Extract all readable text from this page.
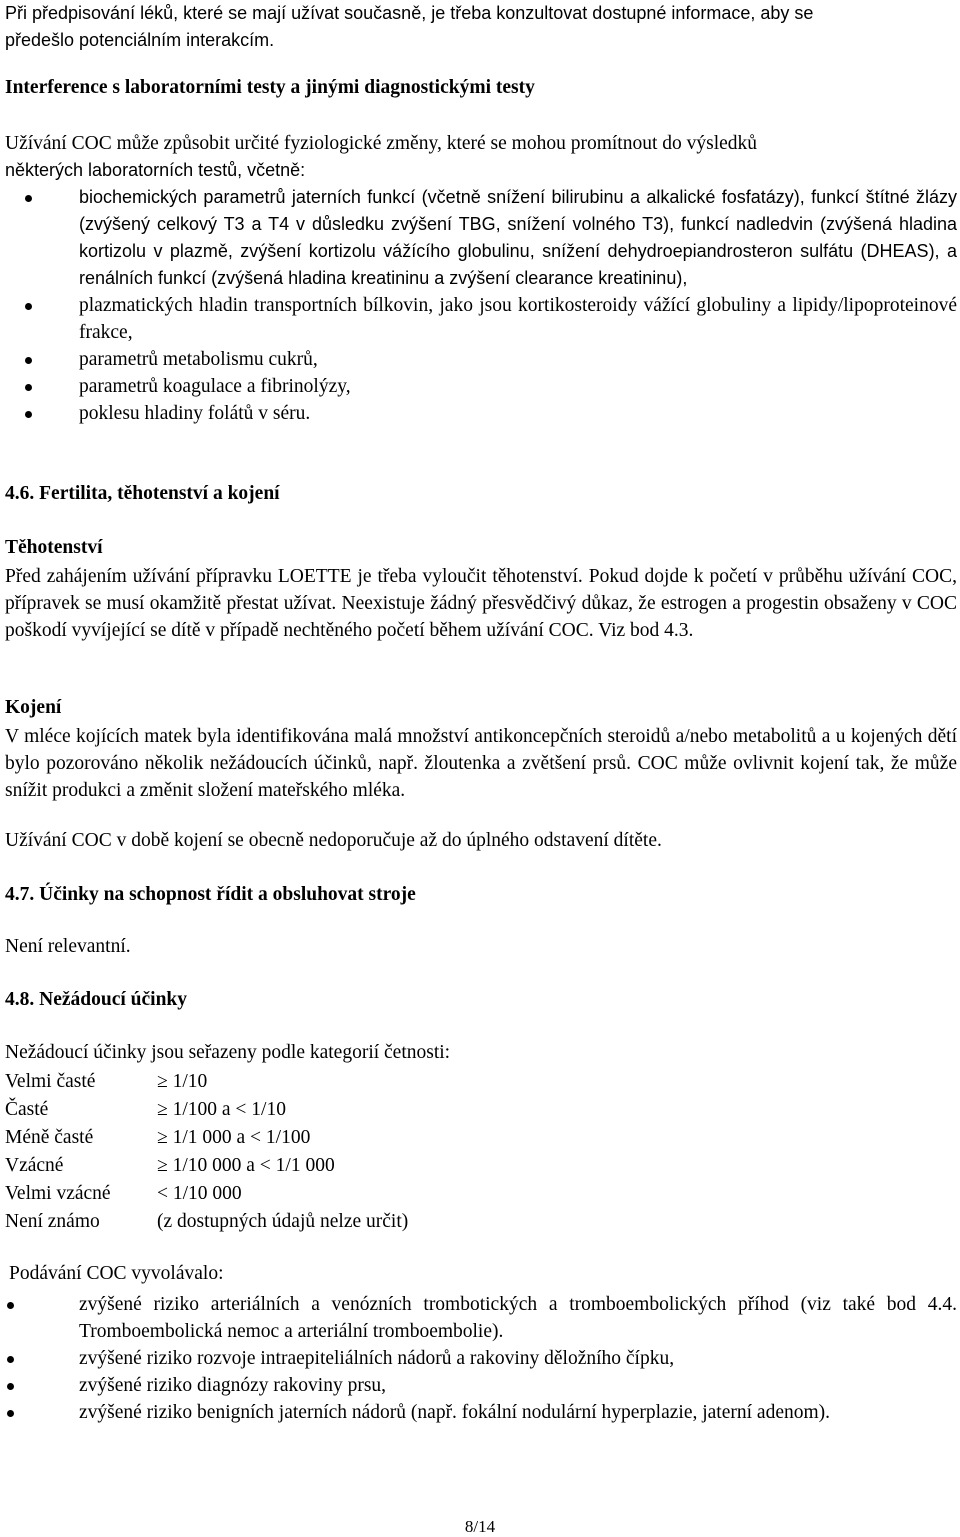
Při předpisování léků, které se mají užívat současně, je třeba konzultovat dostupné informace, aby se

předešlo potenciálním interakcím.

Interference s laboratorními testy a jinými diagnostickými testy

Užívání COC může způsobit určité fyziologické změny, které se mohou promítnout do výsledků

některých laboratorních testů, včetně:

biochemických parametrů jaterních funkcí (včetně snížení bilirubinu a alkalické fosfatázy), funkcí štítné žlázy (zvýšený celkový T3 a T4 v důsledku zvýšení TBG, snížení volného T3), funkcí nadledvin (zvýšená hladina kortizolu v plazmě, zvýšení kortizolu vážícího globulinu, snížení dehydroepiandrosteron sulfátu (DHEAS), a renálních funkcí (zvýšená hladina kreatininu a zvýšení clearance kreatininu),
plazmatických hladin transportních bílkovin, jako jsou kortikosteroidy vážící globuliny a lipidy/lipoproteinové frakce,
parametrů metabolismu cukrů,
parametrů koagulace a fibrinolýzy,
poklesu hladiny folátů v séru.

4.6. Fertilita, těhotenství a kojení

Těhotenství

Před zahájením užívání přípravku LOETTE je třeba vyloučit těhotenství. Pokud dojde k početí v průběhu užívání COC, přípravek se musí okamžitě přestat užívat. Neexistuje žádný přesvědčivý důkaz, že estrogen a progestin obsaženy v COC poškodí vyvíjející se dítě v případě nechtěného početí během užívání COC. Viz bod 4.3.

Kojení

V mléce kojících matek byla identifikována malá množství antikoncepčních steroidů a/nebo metabolitů a u kojených dětí bylo pozorováno několik nežádoucích účinků, např. žloutenka a zvětšení prsů. COC může ovlivnit kojení tak, že může snížit produkci a změnit složení mateřského mléka.

Užívání COC v době kojení se obecně nedoporučuje až do úplného odstavení dítěte.

4.7. Účinky na schopnost řídit a obsluhovat stroje

Není relevantní.

4.8. Nežádoucí účinky

Nežádoucí účinky jsou seřazeny podle kategorií četnosti:

Velmi časté	≥ 1/10
Časté	≥ 1/100 a < 1/10
Méně časté	≥ 1/1 000 a < 1/100
Vzácné	≥ 1/10 000 a < 1/1 000
Velmi vzácné	< 1/10 000
Není známo	(z dostupných údajů nelze určit)

Podávání COC vyvolávalo:

zvýšené riziko arteriálních a venózních trombotických a tromboembolických příhod (viz také bod 4.4. Tromboembolická nemoc a arteriální tromboembolie).
zvýšené riziko rozvoje intraepiteliálních nádorů a rakoviny děložního čípku,
zvýšené riziko diagnózy rakoviny prsu,
zvýšené riziko benigních jaterních nádorů (např. fokální nodulární hyperplazie, jaterní adenom).
8/14
